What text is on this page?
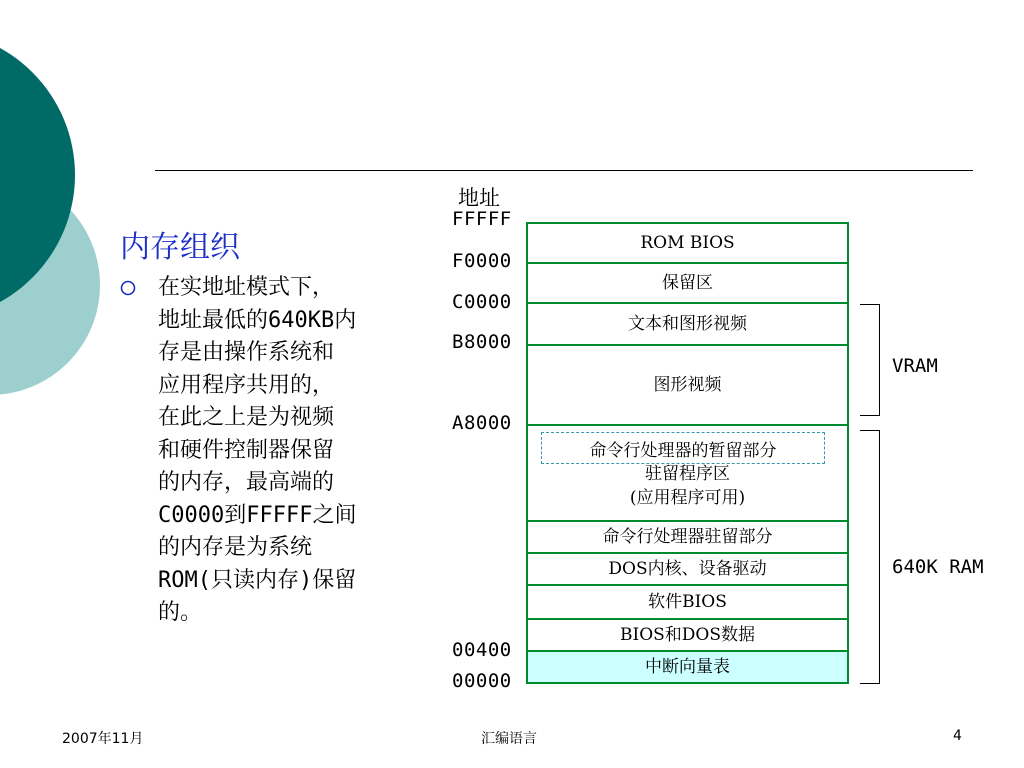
内存组织
在实地址模式下，
地址最低的640KB内
存是由操作系统和
应用程序共用的，
在此之上是为视频
和硬件控制器保留
的内存，最高端的
C0000到FFFFF之间
的内存是为系统
ROM(只读内存)保留
的。
地址
FFFFF
F0000
C0000
B8000
A8000
00400
00000
ROM BIOS
保留区
文本和图形视频
图形视频
命令行处理器的暂留部分
驻留程序区
(应用程序可用)
命令行处理器驻留部分
DOS内核、设备驱动
软件BIOS
BIOS和DOS数据
中断向量表
VRAM
640K RAM
2007年11月	汇编语言	4
